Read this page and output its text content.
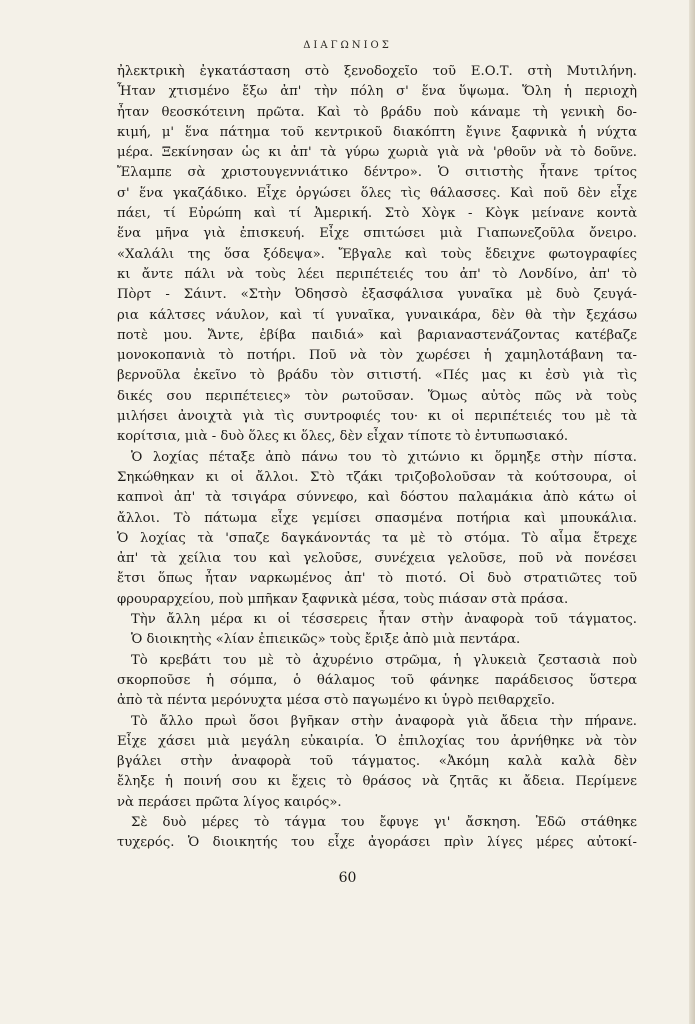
ΔΙΑΓΩΝΙΟΣ
ἠλεκτρικὴ ἐγκατάσταση στὸ ξενοδοχεῖο τοῦ Ε.Ο.Τ. στὴ Μυτιλήνη.
Ἦταν χτισμένο ἔξω ἀπ' τὴν πόλη σ' ἕνα ὕψωμα. Ὅλη ἡ περιοχὴ
ἦταν θεοσκότεινη πρῶτα. Καὶ τὸ βράδυ ποὺ κάναμε τὴ γενικὴ δο-
κιμή, μ' ἕνα πάτημα τοῦ κεντρικοῦ διακόπτη ἔγινε ξαφνικὰ ἡ νύχτα
μέρα. Ξεκίνησαν ὡς κι ἀπ' τὰ γύρω χωριὰ γιὰ νὰ 'ρθοῦν νὰ τὸ δοῦνε.
Ἔλαμπε σὰ χριστουγεννιάτικο δέντρο». Ὁ σιτιστὴς ἦτανε τρίτος
σ' ἕνα γκαζάδικο. Εἶχε ὀργώσει ὅλες τὶς θάλασσες. Καὶ ποῦ δὲν εἶχε
πάει, τί Εὐρώπη καὶ τί Ἀμερική. Στὸ Χὸγκ - Κὸγκ μείνανε κοντὰ
ἕνα μῆνα γιὰ ἐπισκευή. Εἶχε σπιτώσει μιὰ Γιαπωνεζοῦλα ὄνειρο.
«Χαλάλι της ὅσα ξόδεψα». Ἔβγαλε καὶ τοὺς ἔδειχνε φωτογραφίες
κι ἄντε πάλι νὰ τοὺς λέει περιπέτειές του ἀπ' τὸ Λονδίνο, ἀπ' τὸ
Πὸρτ - Σάιντ. «Στὴν Ὀδησσὸ ἐξασφάλισα γυναῖκα μὲ δυὸ ζευγά-
ρια κάλτσες νάυλον, καὶ τί γυναῖκα, γυναικάρα, δὲν θὰ τὴν ξεχάσω
ποτὲ μου. Ἄντε, ἐβίβα παιδιά» καὶ βαριαναστενάζοντας κατέβαζε
μονοκοπανιὰ τὸ ποτήρι. Ποῦ νὰ τὸν χωρέσει ἡ χαμηλοτάβανη τα-
βερνοῦλα ἐκεῖνο τὸ βράδυ τὸν σιτιστή. «Πές μας κι ἐσὺ γιὰ τὶς
δικές σου περιπέτειες» τὸν ρωτοῦσαν. Ὅμως αὐτὸς πῶς νὰ τοὺς
μιλήσει ἀνοιχτὰ γιὰ τὶς συντροφιές του· κι οἱ περιπέτειές του μὲ τὰ
κορίτσια, μιὰ - δυὸ ὅλες κι ὅλες, δὲν εἶχαν τίποτε τὸ ἐντυπωσιακό.
Ὁ λοχίας πέταξε ἀπὸ πάνω του τὸ χιτώνιο κι ὅρμηξε στὴν πίστα.
Σηκώθηκαν κι οἱ ἄλλοι. Στὸ τζάκι τριζοβολοῦσαν τὰ κούτσουρα, οἱ
καπνοὶ ἀπ' τὰ τσιγάρα σύννεφο, καὶ δόστου παλαμάκια ἀπὸ κάτω οἱ
ἄλλοι. Τὸ πάτωμα εἶχε γεμίσει σπασμένα ποτήρια καὶ μπουκάλια.
Ὁ λοχίας τὰ 'σπαζε δαγκάνοντάς τα μὲ τὸ στόμα. Τὸ αἷμα ἔτρεχε
ἀπ' τὰ χείλια του καὶ γελοῦσε, συνέχεια γελοῦσε, ποῦ νὰ πονέσει
ἔτσι ὅπως ἦταν ναρκωμένος ἀπ' τὸ πιοτό. Οἱ δυὸ στρατιῶτες τοῦ
φρουραρχείου, ποὺ μπῆκαν ξαφνικὰ μέσα, τοὺς πιάσαν στὰ πράσα.
Τὴν ἄλλη μέρα κι οἱ τέσσερεις ἦταν στὴν ἀναφορὰ τοῦ τάγματος.
Ὁ διοικητὴς «λίαν ἐπιεικῶς» τοὺς ἔριξε ἀπὸ μιὰ πεντάρα.
Τὸ κρεβάτι του μὲ τὸ ἀχυρένιο στρῶμα, ἡ γλυκειὰ ζεστασιὰ ποὺ
σκορποῦσε ἡ σόμπα, ὁ θάλαμος τοῦ φάνηκε παράδεισος ὕστερα
ἀπὸ τὰ πέντα μερόνυχτα μέσα στὸ παγωμένο κι ὑγρὸ πειθαρχεῖο.
Τὸ ἄλλο πρωὶ ὅσοι βγῆκαν στὴν ἀναφορὰ γιὰ ἄδεια τὴν πήρανε.
Εἶχε χάσει μιὰ μεγάλη εὐκαιρία. Ὁ ἐπιλοχίας του ἀρνήθηκε νὰ τὸν
βγάλει στὴν ἀναφορὰ τοῦ τάγματος. «Ἀκόμη καλὰ καλὰ δὲν
ἔληξε ἡ ποινή σου κι ἔχεις τὸ θράσος νὰ ζητᾶς κι ἄδεια. Περίμενε
νὰ περάσει πρῶτα λίγος καιρός».
Σὲ δυὸ μέρες τὸ τάγμα του ἔφυγε γι' ἄσκηση. Ἐδῶ στάθηκε
τυχερός. Ὁ διοικητής του εἶχε ἀγοράσει πρὶν λίγες μέρες αὐτοκί-
60
